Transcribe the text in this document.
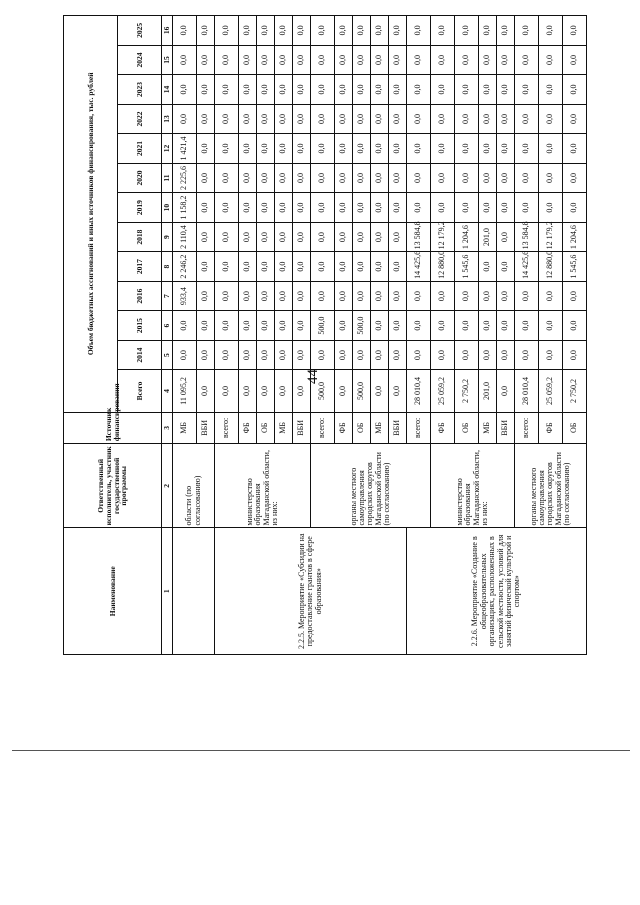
44
Наименование	Ответственный исполнитель, участник государственной программы	Источник финансирования	Объем бюджетных ассигнований и иных источников финансирования, тыс. рублей												
			Всего	2014	2015	2016	2017	2018	2019	2020	2021	2022	2023	2024	2025
1	2	3	4	5	6	7	8	9	10	11	12	13	14	15	16
	области (по согласованию)	МБ	11 095,2	0,0	0,0	933,4	2 246,2	2 110,4	1 158,2	2 225,6	1 421,4	0,0	0,0	0,0	0,0
		ВБИ	0,0	0,0	0,0	0,0	0,0	0,0	0,0	0,0	0,0	0,0	0,0	0,0	0,0
2.2.5. Мероприятие «Субсидии на предоставление грантов в сфере образования»	министерство образования Магаданской области, из них:	всего:	0,0	0,0	0,0	0,0	0,0	0,0	0,0	0,0	0,0	0,0	0,0	0,0	0,0
		ФБ	0,0	0,0	0,0	0,0	0,0	0,0	0,0	0,0	0,0	0,0	0,0	0,0	0,0
		ОБ	0,0	0,0	0,0	0,0	0,0	0,0	0,0	0,0	0,0	0,0	0,0	0,0	0,0
		МБ	0,0	0,0	0,0	0,0	0,0	0,0	0,0	0,0	0,0	0,0	0,0	0,0	0,0
		ВБИ	0,0	0,0	0,0	0,0	0,0	0,0	0,0	0,0	0,0	0,0	0,0	0,0	0,0
	органы местного самоуправления городских округов Магаданской области (по согласованию)	всего:	500,0	0,0	500,0	0,0	0,0	0,0	0,0	0,0	0,0	0,0	0,0	0,0	0,0
		ФБ	0,0	0,0	0,0	0,0	0,0	0,0	0,0	0,0	0,0	0,0	0,0	0,0	0,0
		ОБ	500,0	0,0	500,0	0,0	0,0	0,0	0,0	0,0	0,0	0,0	0,0	0,0	0,0
		МБ	0,0	0,0	0,0	0,0	0,0	0,0	0,0	0,0	0,0	0,0	0,0	0,0	0,0
		ВБИ	0,0	0,0	0,0	0,0	0,0	0,0	0,0	0,0	0,0	0,0	0,0	0,0	0,0
2.2.6. Мероприятие «Создание в общеобразовательных организациях, расположенных в сельской местности, условий для занятий физической культурой и спортом»		всего:	28 010,4	0,0	0,0	0,0	14 425,6	13 584,8	0,0	0,0	0,0	0,0	0,0	0,0	0,0
	министерство образования Магаданской области, из них:	ФБ	25 059,2	0,0	0,0	0,0	12 880,0	12 179,2	0,0	0,0	0,0	0,0	0,0	0,0	0,0
		ОБ	2 750,2	0,0	0,0	0,0	1 545,6	1 204,6	0,0	0,0	0,0	0,0	0,0	0,0	0,0
		МБ	201,0	0,0	0,0	0,0	0,0	201,0	0,0	0,0	0,0	0,0	0,0	0,0	0,0
		ВБИ	0,0	0,0	0,0	0,0	0,0	0,0	0,0	0,0	0,0	0,0	0,0	0,0	0,0
	органы местного самоуправления городских округов Магаданской области (по согласованию)	всего:	28 010,4	0,0	0,0	0,0	14 425,6	13 584,8	0,0	0,0	0,0	0,0	0,0	0,0	0,0
		ФБ	25 059,2	0,0	0,0	0,0	12 880,0	12 179,2	0,0	0,0	0,0	0,0	0,0	0,0	0,0
		ОБ	2 750,2	0,0	0,0	0,0	1 545,6	1 204,6	0,0	0,0	0,0	0,0	0,0	0,0	0,0
